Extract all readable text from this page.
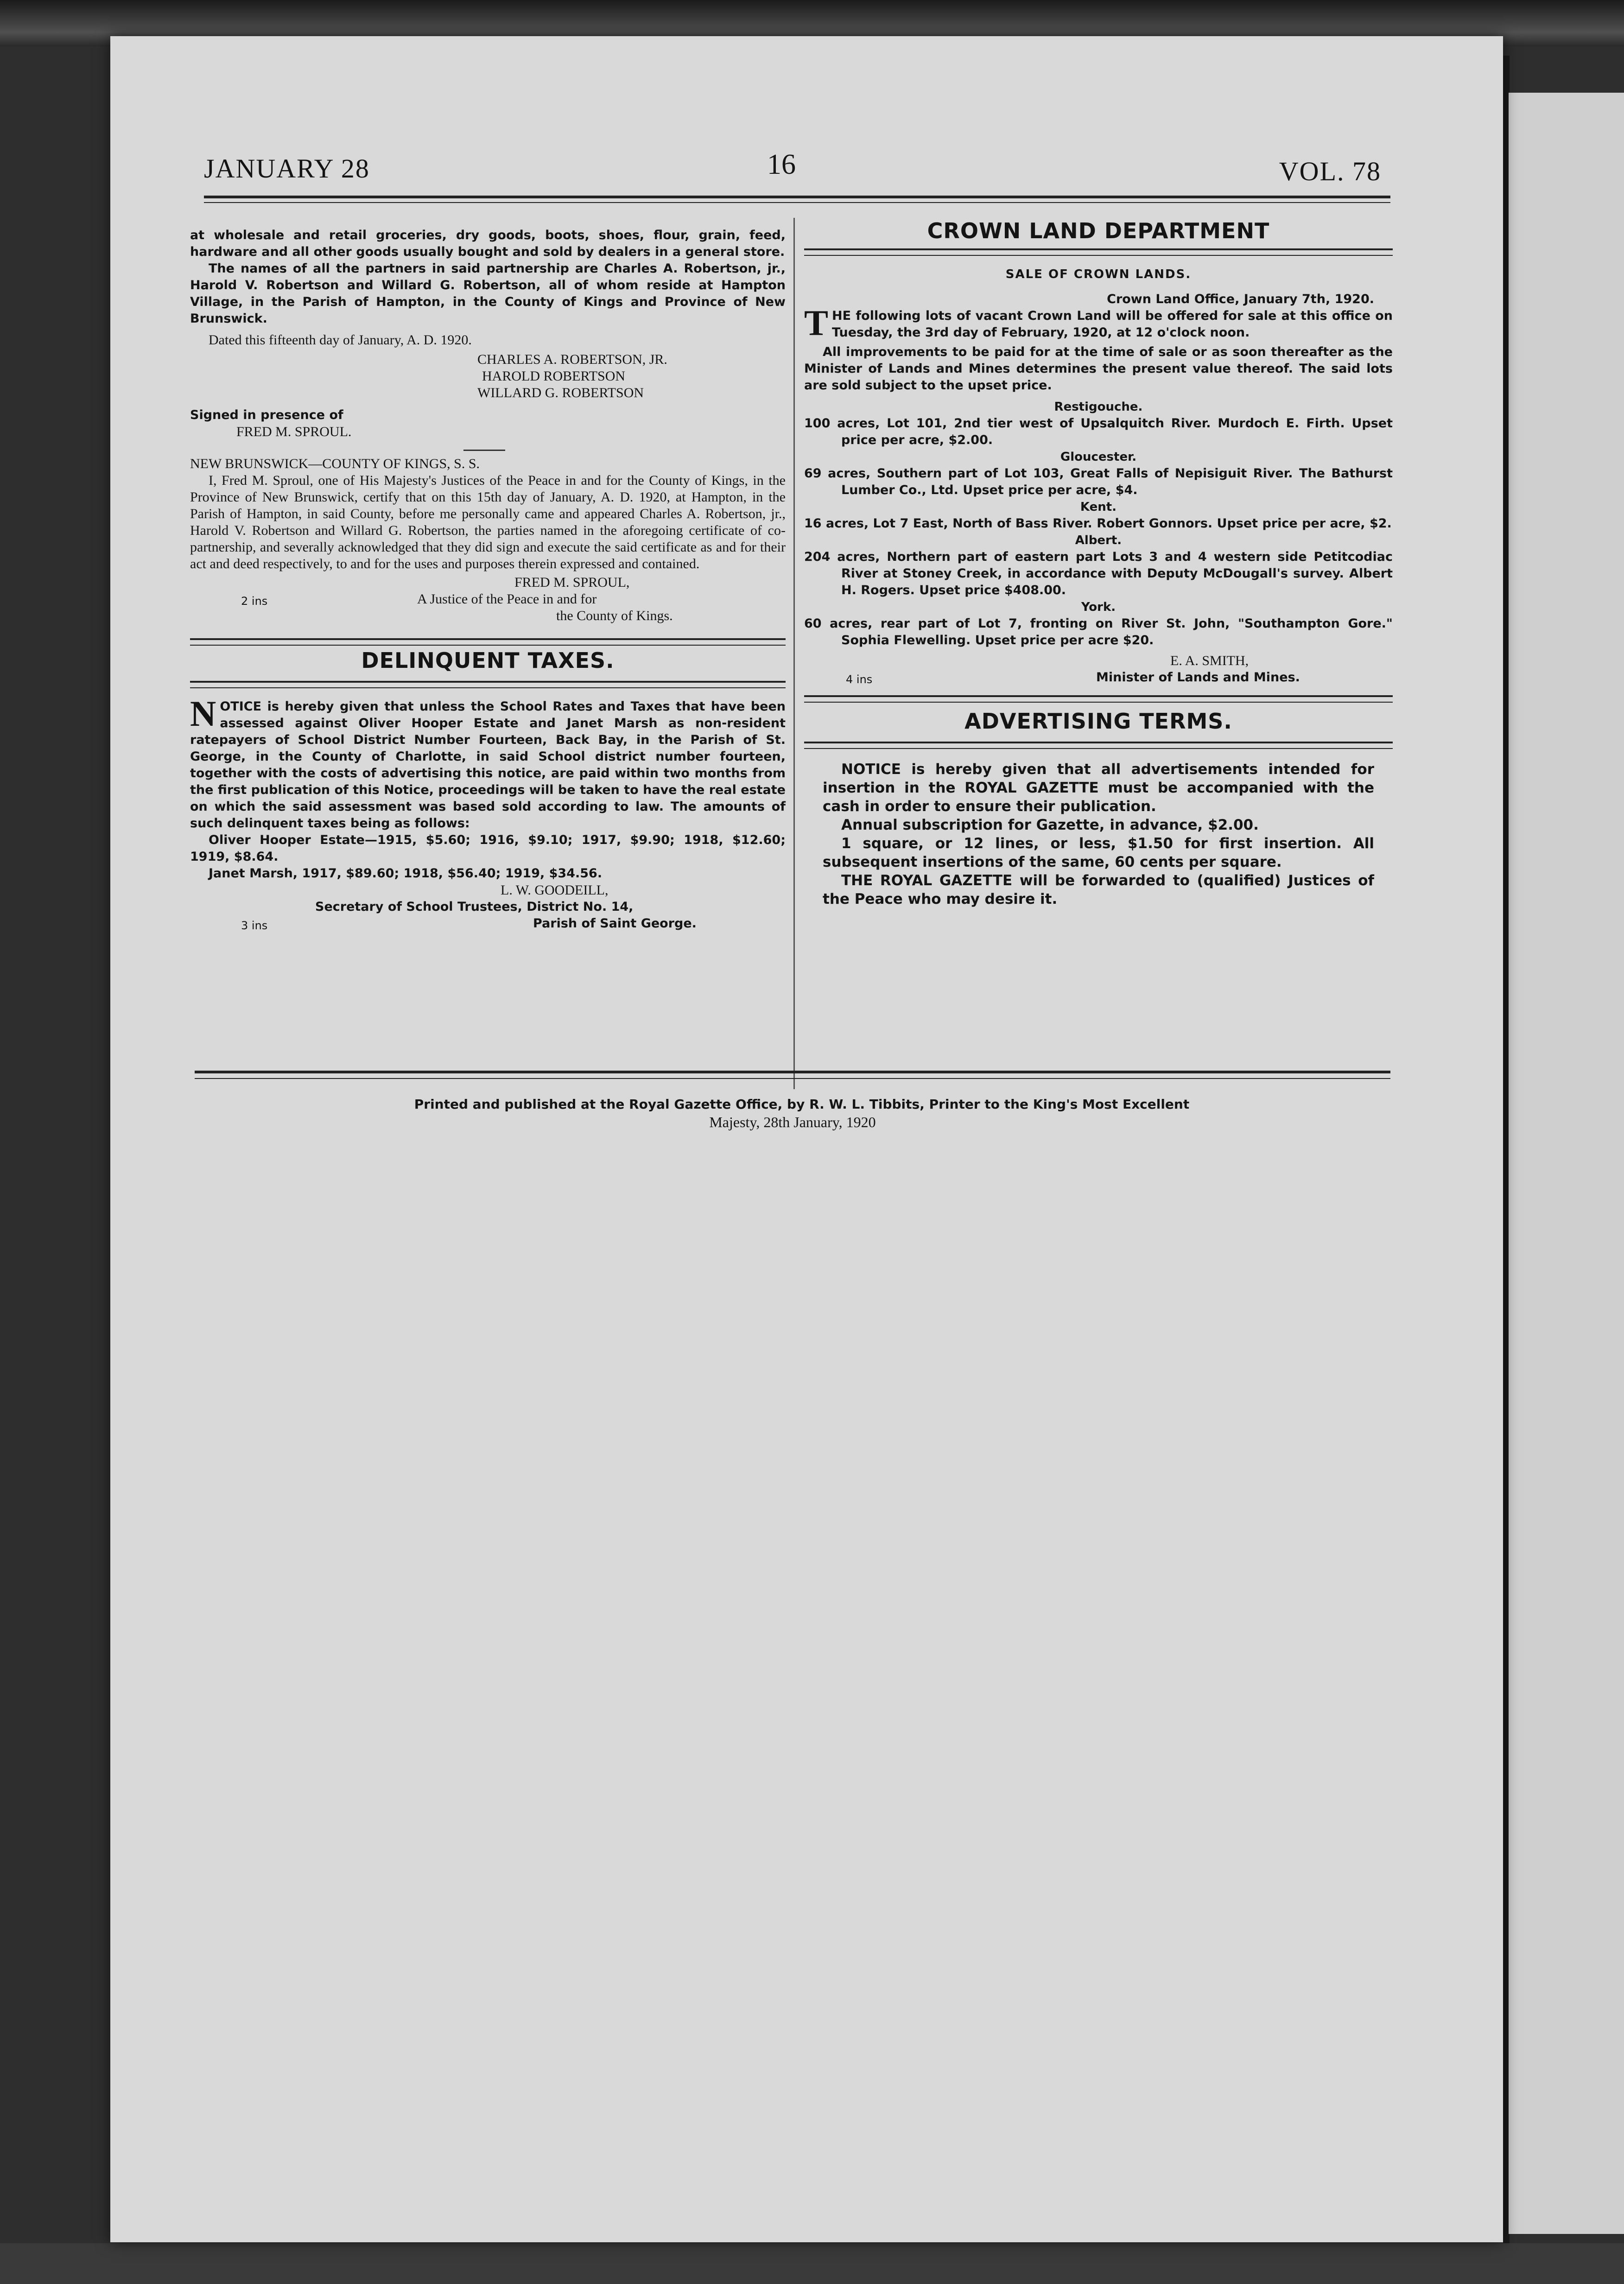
JANUARY 28	16	VOL. 78

at wholesale and retail groceries, dry goods, boots, shoes, flour, grain, feed, hardware and all other goods usually bought and sold by dealers in a general store.

The names of all the partners in said partnership are Charles A. Robertson, jr., Harold V. Robertson and Willard G. Robertson, all of whom reside at Hampton Village, in the Parish of Hampton, in the County of Kings and Province of New Brunswick.

Dated this fifteenth day of January, A. D. 1920.

CHARLES A. ROBERTSON, JR.
HAROLD ROBERTSON
WILLARD G. ROBERTSON

Signed in presence of

FRED M. SPROUL.

NEW BRUNSWICK—COUNTY OF KINGS, S. S.

I, Fred M. Sproul, one of His Majesty's Justices of the Peace in and for the County of Kings, in the Province of New Brunswick, certify that on this 15th day of January, A. D. 1920, at Hampton, in the Parish of Hampton, in said County, before me personally came and appeared Charles A. Robertson, jr., Harold V. Robertson and Willard G. Robertson, the parties named in the aforegoing certificate of co-partnership, and severally acknowledged that they did sign and execute the said certificate as and for their act and deed respectively, to and for the uses and purposes therein expressed and contained.

FRED M. SPROUL,

2 ins	A Justice of the Peace in and for

the County of Kings.

DELINQUENT TAXES.

N OTICE is hereby given that unless the School Rates and Taxes that have been assessed against Oliver Hooper Estate and Janet Marsh as non-resident ratepayers of School District Number Fourteen, Back Bay, in the Parish of St. George, in the County of Charlotte, in said School district number fourteen, together with the costs of advertising this notice, are paid within two months from the first publication of this Notice, proceedings will be taken to have the real estate on which the said assessment was based sold according to law. The amounts of such delinquent taxes being as follows:

Oliver Hooper Estate—1915, $5.60; 1916, $9.10; 1917, $9.90; 1918, $12.60; 1919, $8.64.

Janet Marsh, 1917, $89.60; 1918, $56.40; 1919, $34.56.

L. W. GOODEILL,

Secretary of School Trustees, District No. 14,

3 ins	Parish of Saint George.
CROWN LAND DEPARTMENT
SALE OF CROWN LANDS.

Crown Land Office, January 7th, 1920.

T HE following lots of vacant Crown Land will be offered for sale at this office on Tuesday, the 3rd day of February, 1920, at 12 o'clock noon.

All improvements to be paid for at the time of sale or as soon thereafter as the Minister of Lands and Mines determines the present value thereof. The said lots are sold subject to the upset price.

Restigouche.

100 acres, Lot 101, 2nd tier west of Upsalquitch River. Murdoch E. Firth. Upset price per acre, $2.00.

Gloucester.

69 acres, Southern part of Lot 103, Great Falls of Nepisiguit River. The Bathurst Lumber Co., Ltd. Upset price per acre, $4.

Kent.

16 acres, Lot 7 East, North of Bass River. Robert Gonnors. Upset price per acre, $2.

Albert.

204 acres, Northern part of eastern part Lots 3 and 4 western side Petitcodiac River at Stoney Creek, in accordance with Deputy McDougall's survey. Albert H. Rogers. Upset price $408.00.

York.

60 acres, rear part of Lot 7, fronting on River St. John, "Southampton Gore." Sophia Flewelling. Upset price per acre $20.

E. A. SMITH,

4 ins	Minister of Lands and Mines.
ADVERTISING TERMS.

NOTICE is hereby given that all advertisements intended for insertion in the ROYAL GAZETTE must be accompanied with the cash in order to ensure their publication.

Annual subscription for Gazette, in advance, $2.00.

1 square, or 12 lines, or less, $1.50 for first insertion. All subsequent insertions of the same, 60 cents per square.

THE ROYAL GAZETTE will be forwarded to (qualified) Justices of the Peace who may desire it.

Printed and published at the Royal Gazette Office, by R. W. L. Tibbits, Printer to the King's Most Excellent
Majesty, 28th January, 1920
